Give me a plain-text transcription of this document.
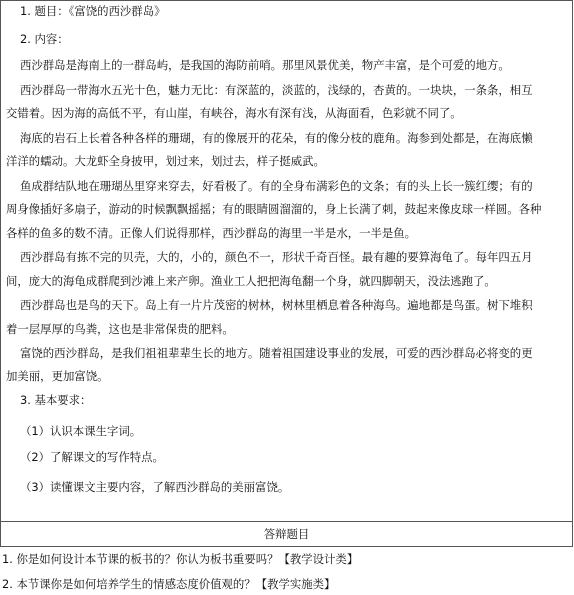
1. 题目：《富饶的西沙群岛》
2. 内容：
西沙群岛是海南上的一群岛屿，是我国的海防前哨。那里风景优美，物产丰富，是个可爱的地方。
西沙群岛一带海水五光十色，魅力无比：有深蓝的，淡蓝的，浅绿的，杏黄的。一块块，一条条，相互
交错着。因为海的高低不平，有山崖，有峡谷，海水有深有浅，从海面看，色彩就不同了。
海底的岩石上长着各种各样的珊瑚，有的像展开的花朵，有的像分枝的鹿角。海参到处都是，在海底懒
洋洋的蠕动。大龙虾全身披甲，划过来，划过去，样子挺威武。
鱼成群结队地在珊瑚丛里穿来穿去，好看极了。有的全身布满彩色的文条；有的头上长一簇红缨；有的
周身像插好多扇子，游动的时候飘飘摇摇；有的眼睛圆溜溜的，身上长满了刺，鼓起来像皮球一样圆。各种
各样的鱼多的数不清。正像人们说得那样，西沙群岛的海里一半是水，一半是鱼。
西沙群岛有拣不完的贝壳，大的，小的，颜色不一，形状千奇百怪。最有趣的要算海龟了。每年四五月
间，庞大的海龟成群爬到沙滩上来产卵。渔业工人把把海龟翻一个身，就四脚朝天，没法逃跑了。
西沙群岛也是鸟的天下。岛上有一片片茂密的树林，树林里栖息着各种海鸟。遍地都是鸟蛋。树下堆积
着一层厚厚的鸟粪，这也是非常保贵的肥料。
富饶的西沙群岛，是我们祖祖辈辈生长的地方。随着祖国建设事业的发展，可爱的西沙群岛必将变的更
加美丽，更加富饶。
3. 基本要求：
（1）认识本课生字词。
（2）了解课文的写作特点。
（3）读懂课文主要内容，了解西沙群岛的美丽富饶。
答辩题目
1. 你是如何设计本节课的板书的？你认为板书重要吗？【教学设计类】
2. 本节课你是如何培养学生的情感态度价值观的？【教学实施类】
